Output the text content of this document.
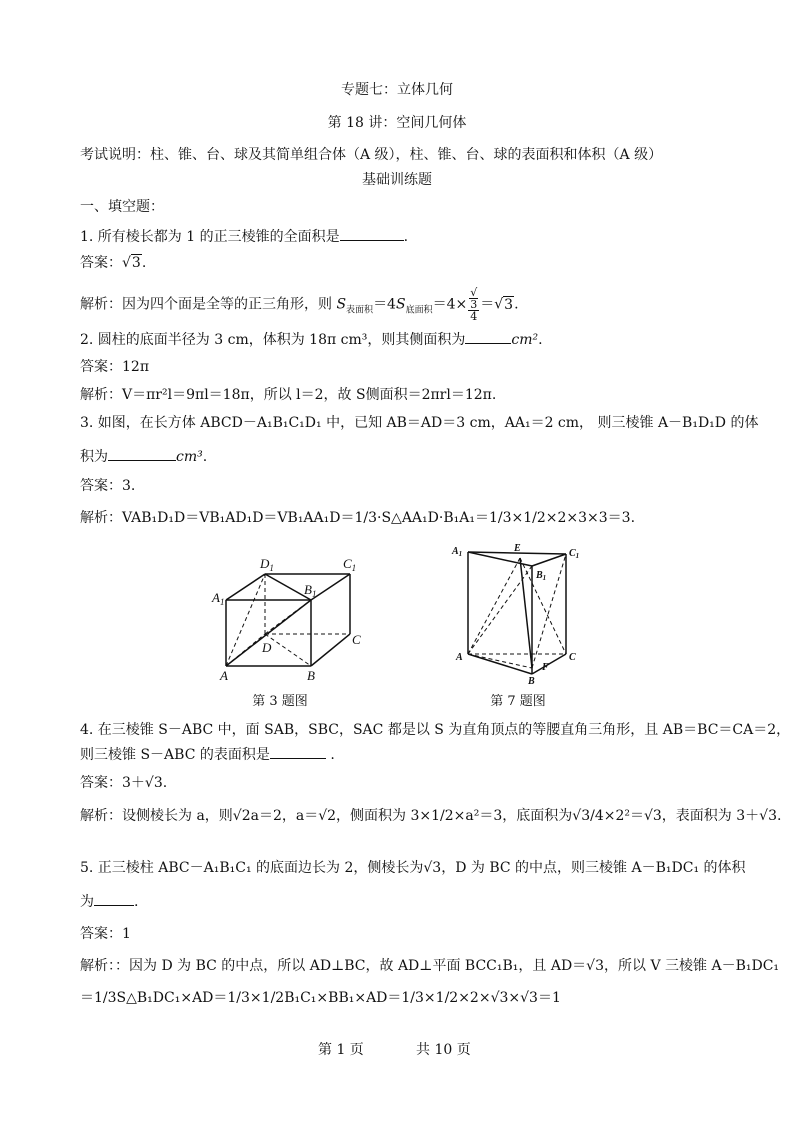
专题七：立体几何
第 18 讲：空间几何体
考试说明：柱、锥、台、球及其简单组合体（A 级），柱、锥、台、球的表面积和体积（A 级）
基础训练题
一、填空题：
1. 所有棱长都为 1 的正三棱锥的全面积是	.
答案：√3.
解析：因为四个面是全等的正三角形，则 $S_{表面积}=4S_{底面积}=4\times$ √
3
4 ＝√3.
2. 圆柱的底面半径为 3 cm，体积为 18π cm³，则其侧面积为	cm².
答案：12π
解析：V＝πr²l＝9πl＝18π，所以 l＝2，故 S侧面积＝2πrl＝12π.
3. 如图，在长方体 ABCD－A₁B₁C₁D₁ 中，已知 AB＝AD＝3 cm，AA₁＝2 cm， 则三棱锥 A－B₁D₁D 的体
积为	cm³.
答案：3.
解析：VAB₁D₁D＝VB₁AD₁D＝VB₁AA₁D＝1/3·S△AA₁D·B₁A₁＝1/3×1/2×2×3×3＝3.
$D_1$	$C_1$
$A_1$
$B_1$
D
C
A	B
第 3 题图
$A_1$	E	$C_1$
$B_1$
A	C
F
B
第 7 题图
4. 在三棱锥 S－ABC 中，面 SAB，SBC，SAC 都是以 S 为直角顶点的等腰直角三角形，且 AB＝BC＝CA＝2，
则三棱锥 S－ABC 的表面积是	.
答案：3＋√3.
解析：设侧棱长为 a，则√2a＝2，a＝√2，侧面积为 3×1/2×a²＝3，底面积为√3/4×2²＝√3，表面积为 3＋√3.
5. 正三棱柱 ABC－A₁B₁C₁ 的底面边长为 2，侧棱长为√3，D 为 BC 的中点，则三棱锥 A－B₁DC₁ 的体积
为	.
答案：1
解析：：因为 D 为 BC 的中点，所以 AD⊥BC，故 AD⊥平面 BCC₁B₁，且 AD＝√3，所以 V 三棱锥 A－B₁DC₁
＝1/3S△B₁DC₁×AD＝1/3×1/2B₁C₁×BB₁×AD＝1/3×1/2×2×√3×√3＝1
第 1 页	共 10 页
